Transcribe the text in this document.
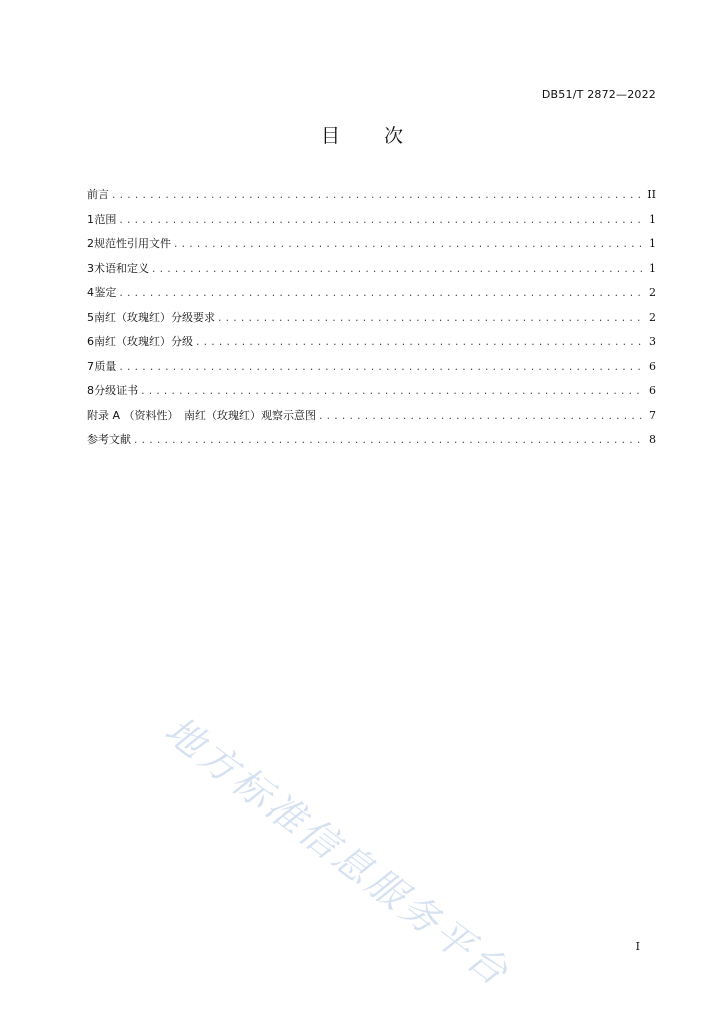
DB51/T 2872—2022
目 次
前言 .....	II
1 范围 .....	1
2 规范性引用文件 .....	1
3 术语和定义 .....	1
4 鉴定 .....	2
5 南红（玫瑰红）分级要求 .....	2
6 南红（玫瑰红）分级 .....	3
7 质量 .....	6
8 分级证书 .....	6
附录 A （资料性）　南红（玫瑰红）观察示意图 .....	7
参考文献 .....	8
地方标准信息服务平台	I
